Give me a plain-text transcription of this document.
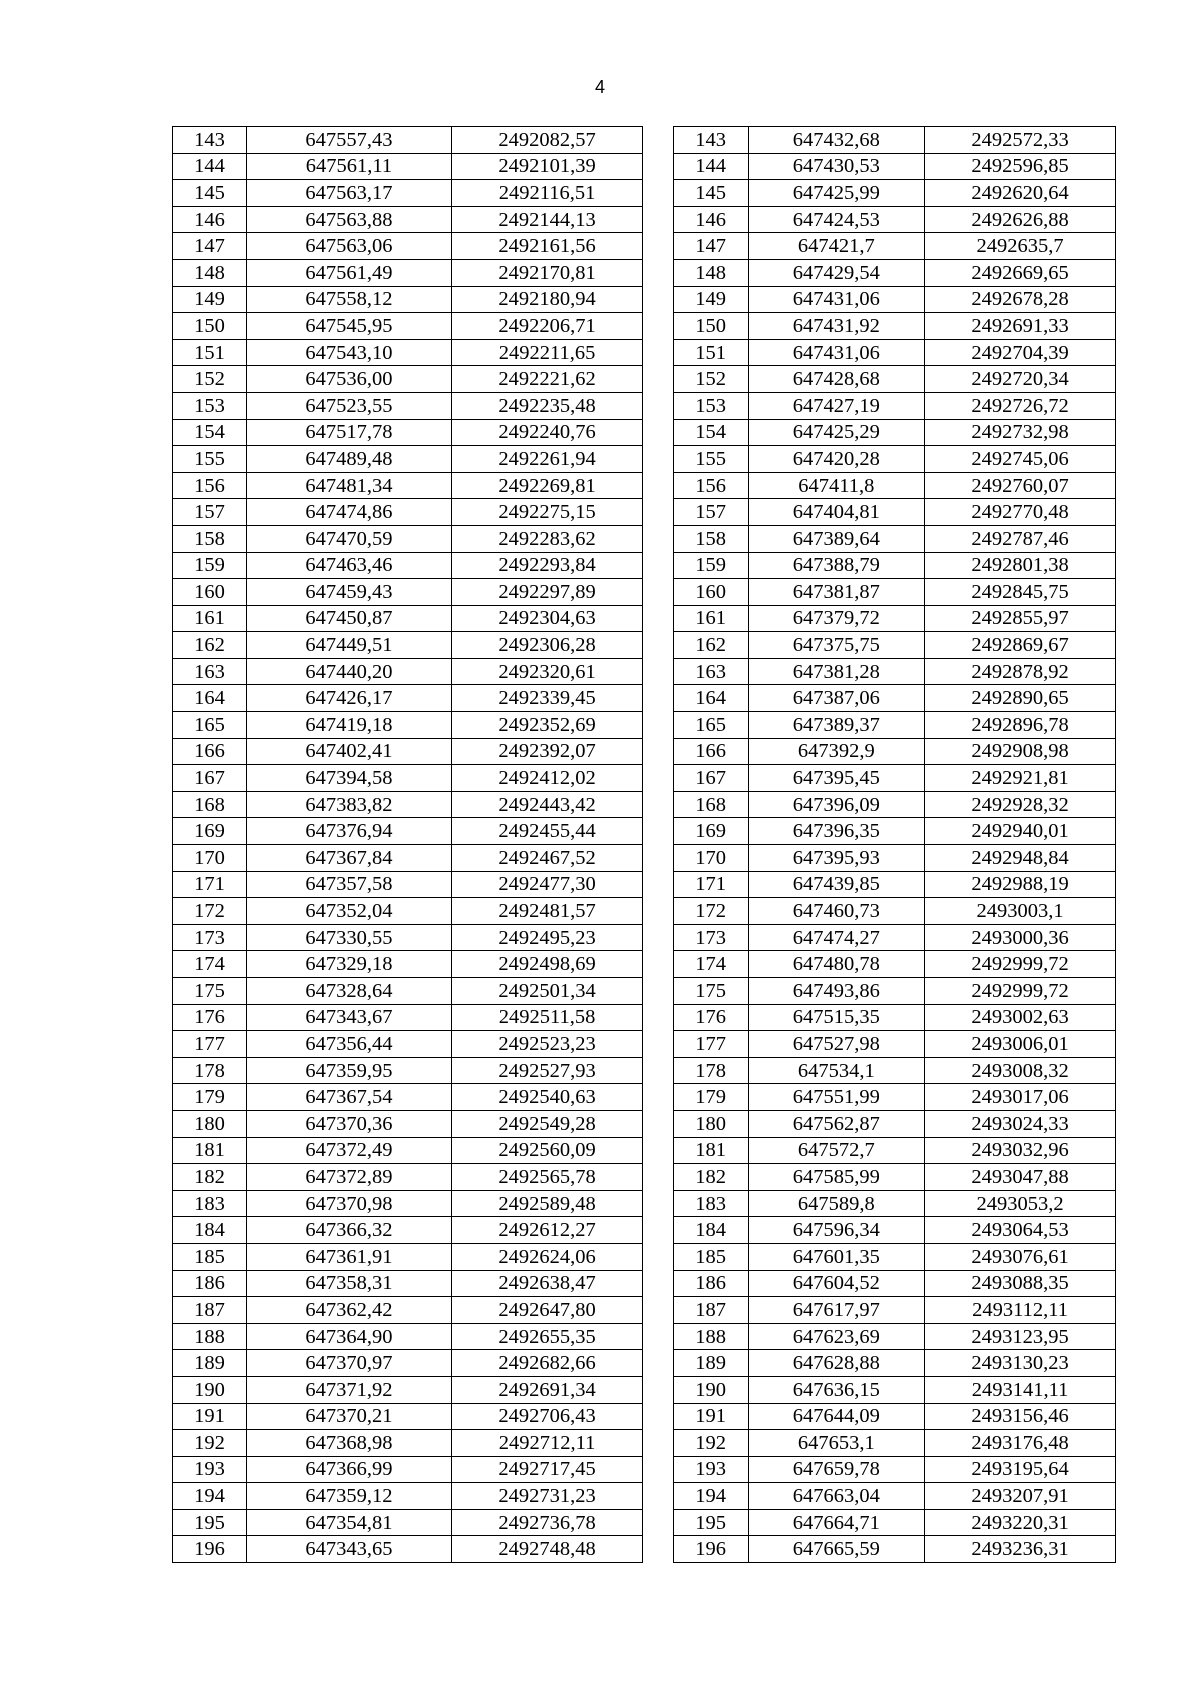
4
143	647557,43	2492082,57		143	647432,68	2492572,33
144	647561,11	2492101,39		144	647430,53	2492596,85
145	647563,17	2492116,51		145	647425,99	2492620,64
146	647563,88	2492144,13		146	647424,53	2492626,88
147	647563,06	2492161,56		147	647421,7	2492635,7
148	647561,49	2492170,81		148	647429,54	2492669,65
149	647558,12	2492180,94		149	647431,06	2492678,28
150	647545,95	2492206,71		150	647431,92	2492691,33
151	647543,10	2492211,65		151	647431,06	2492704,39
152	647536,00	2492221,62		152	647428,68	2492720,34
153	647523,55	2492235,48		153	647427,19	2492726,72
154	647517,78	2492240,76		154	647425,29	2492732,98
155	647489,48	2492261,94		155	647420,28	2492745,06
156	647481,34	2492269,81		156	647411,8	2492760,07
157	647474,86	2492275,15		157	647404,81	2492770,48
158	647470,59	2492283,62		158	647389,64	2492787,46
159	647463,46	2492293,84		159	647388,79	2492801,38
160	647459,43	2492297,89		160	647381,87	2492845,75
161	647450,87	2492304,63		161	647379,72	2492855,97
162	647449,51	2492306,28		162	647375,75	2492869,67
163	647440,20	2492320,61		163	647381,28	2492878,92
164	647426,17	2492339,45		164	647387,06	2492890,65
165	647419,18	2492352,69		165	647389,37	2492896,78
166	647402,41	2492392,07		166	647392,9	2492908,98
167	647394,58	2492412,02		167	647395,45	2492921,81
168	647383,82	2492443,42		168	647396,09	2492928,32
169	647376,94	2492455,44		169	647396,35	2492940,01
170	647367,84	2492467,52		170	647395,93	2492948,84
171	647357,58	2492477,30		171	647439,85	2492988,19
172	647352,04	2492481,57		172	647460,73	2493003,1
173	647330,55	2492495,23		173	647474,27	2493000,36
174	647329,18	2492498,69		174	647480,78	2492999,72
175	647328,64	2492501,34		175	647493,86	2492999,72
176	647343,67	2492511,58		176	647515,35	2493002,63
177	647356,44	2492523,23		177	647527,98	2493006,01
178	647359,95	2492527,93		178	647534,1	2493008,32
179	647367,54	2492540,63		179	647551,99	2493017,06
180	647370,36	2492549,28		180	647562,87	2493024,33
181	647372,49	2492560,09		181	647572,7	2493032,96
182	647372,89	2492565,78		182	647585,99	2493047,88
183	647370,98	2492589,48		183	647589,8	2493053,2
184	647366,32	2492612,27		184	647596,34	2493064,53
185	647361,91	2492624,06		185	647601,35	2493076,61
186	647358,31	2492638,47		186	647604,52	2493088,35
187	647362,42	2492647,80		187	647617,97	2493112,11
188	647364,90	2492655,35		188	647623,69	2493123,95
189	647370,97	2492682,66		189	647628,88	2493130,23
190	647371,92	2492691,34		190	647636,15	2493141,11
191	647370,21	2492706,43		191	647644,09	2493156,46
192	647368,98	2492712,11		192	647653,1	2493176,48
193	647366,99	2492717,45		193	647659,78	2493195,64
194	647359,12	2492731,23		194	647663,04	2493207,91
195	647354,81	2492736,78		195	647664,71	2493220,31
196	647343,65	2492748,48		196	647665,59	2493236,31
